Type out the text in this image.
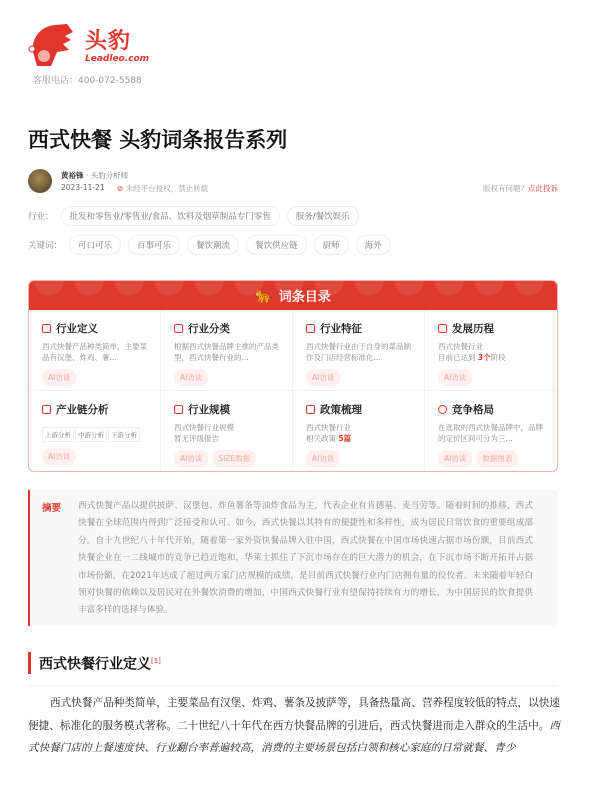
头豹
Leadleo.com
客服电话：400-072-5588
西式快餐 头豹词条报告系列
黄裕锋 · 头豹分析师
2023-11-21 ⊘ 未经平台授权，禁止转载	版权有问题？点此投诉
行业：	批发和零售业/零售业/食品、饮料及烟草制品专门零售	服务/餐饮娱乐
关键词：	可口可乐	百事可乐	餐饮潮流	餐饮供应链	厨师	海外
🐆 词条目录
行业定义

西式快餐产品种类简单，主要菜品有汉堡、炸鸡、薯...

AI访谈
行业分类

根据西式快餐品牌主推的产品类型，西式快餐行业的...

AI访谈
行业特征

西式快餐行业由于自身的菜品制作及门店经营标准化...

AI访谈
发展历程

西式快餐行业
目前已达到 3个阶段

AI访谈
产业链分析
上游分析 中游分析 下游分析
AI访谈
行业规模

西式快餐行业规模
暂无评级报告

AI访谈 SIZE数据
政策梳理

西式快餐行业
相关政策 5篇

AI访谈
竞争格局

在选取的西式快餐品牌中，品牌的定价区间可分为三...

AI访谈 数据图表
摘要 西式快餐产品以提供披萨、汉堡包、炸鱼薯条等油炸食品为主，代表企业有肯德基、麦当劳等。随着时间的推移，西式快餐在全球范围内得到广泛接受和认可。如今，西式快餐以其特有的便捷性和多样性，成为居民日常饮食的重要组成部分。自十九世纪八十年代开始，随着第一家外资快餐品牌入驻中国，西式快餐在中国市场快速占据市场份额，目前西式快餐企业在一二线城市的竞争已趋近饱和，华莱士抓住了下沉市场存在的巨大潜力的机会，在下沉市场不断开拓并占据市场份额，在2021年达成了超过两万家门店规模的成绩，是目前西式快餐行业内门店拥有量的佼佼者。未来随着年轻白领对快餐的依赖以及居民对在外餐饮消费的增加，中国西式快餐行业有望保持持续有力的增长，为中国居民的饮食提供丰富多样的选择与体验。

西式快餐行业定义[1]

西式快餐产品种类简单，主要菜品有汉堡、炸鸡、薯条及披萨等，具备热量高、营养程度较低的特点，以快速便捷、标准化的服务模式著称。二十世纪八十年代在西方快餐品牌的引进后，西式快餐进而走入群众的生活中。西式快餐门店的上餐速度快、行业翻台率普遍较高，消费的主要场景包括白领和核心家庭的日常就餐、青少
